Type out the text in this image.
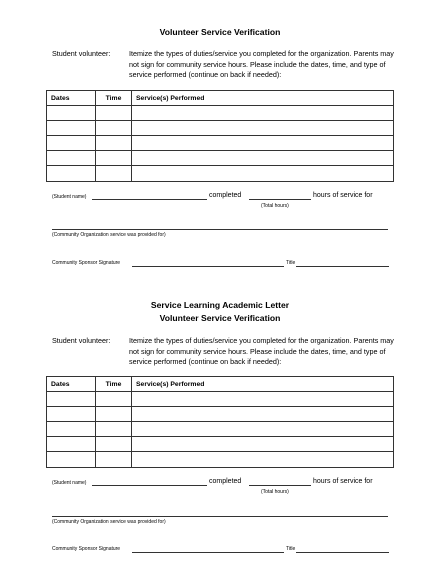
Volunteer Service Verification
Student volunteer:	Itemize the types of duties/service you completed for the organization. Parents may not sign for community service hours. Please include the dates, time, and type of service performed (continue on back if needed):
Dates	Time	Service(s) Performed

(Student name)	completed	hours of service for
(Total hours)
(Community Organization service was provided for)
Community Sponsor Signature	Title
Service Learning Academic Letter
Volunteer Service Verification
Student volunteer:	Itemize the types of duties/service you completed for the organization. Parents may not sign for community service hours. Please include the dates, time, and type of service performed (continue on back if needed):
Dates	Time	Service(s) Performed

(Student name)	completed	hours of service for
(Total hours)
(Community Organization service was provided for)
Community Sponsor Signature	Title
